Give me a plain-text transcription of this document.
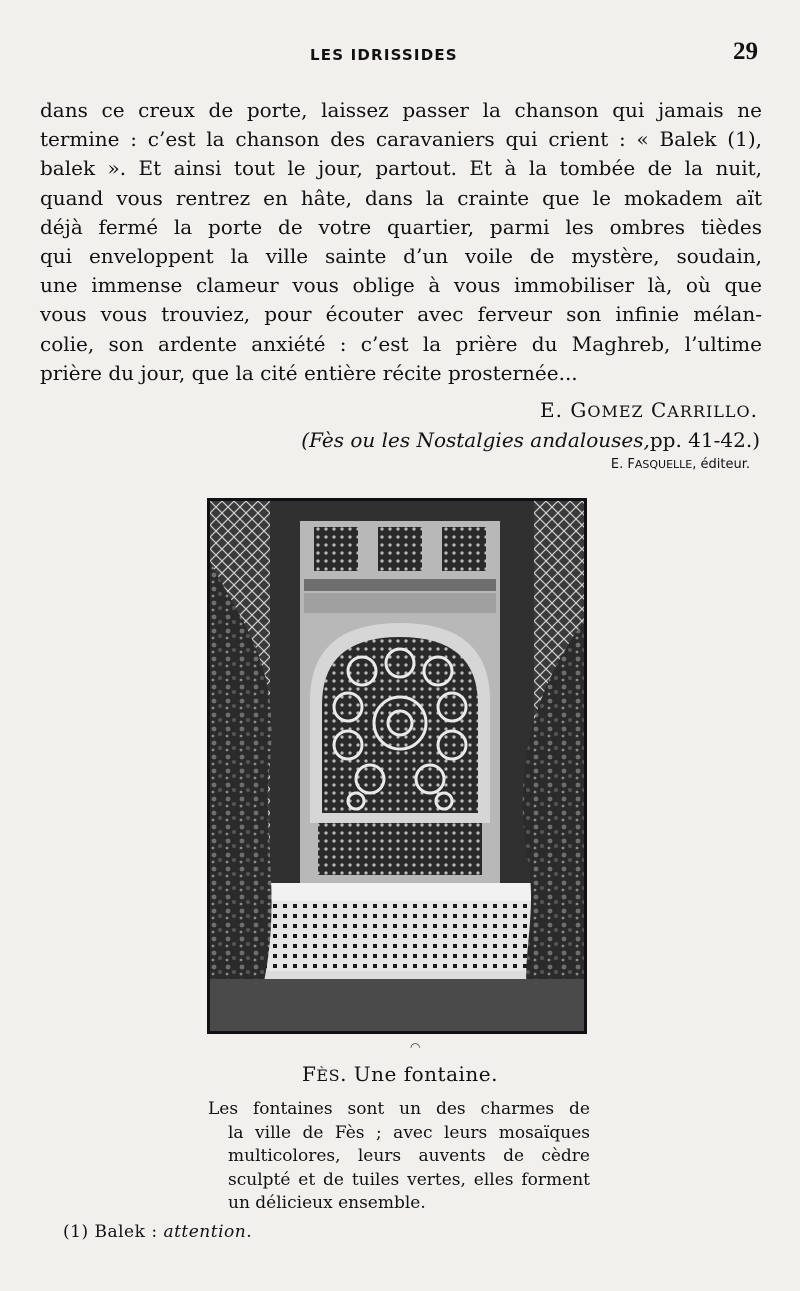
LES IDRISSIDES	29
dans ce creux de porte, laissez passer la chanson qui jamais ne
termine : c’est la chanson des caravaniers qui crient : « Balek (1),
balek ». Et ainsi tout le jour, partout. Et à la tombée de la nuit,
quand vous rentrez en hâte, dans la crainte que le mokadem aït
déjà fermé la porte de votre quartier, parmi les ombres tièdes
qui enveloppent la ville sainte d’un voile de mystère, soudain,
une immense clameur vous oblige à vous immobiliser là, où que
vous vous trouviez, pour écouter avec ferveur son infinie mélan-
colie, son ardente anxiété : c’est la prière du Maghreb, l’ultime
prière du jour, que la cité entière récite prosternée...
E. GOMEZ CARRILLO.
(Fès ou les Nostalgies andalouses,pp. 41-42.)
E. FASQUELLE, éditeur.
◠
FÈS. Une fontaine.
Les fontaines sont un des charmes de
la ville de Fès ; avec leurs mosaïques
multicolores, leurs auvents de cèdre
sculpté et de tuiles vertes, elles forment
un délicieux ensemble.
(1) Balek : attention.
